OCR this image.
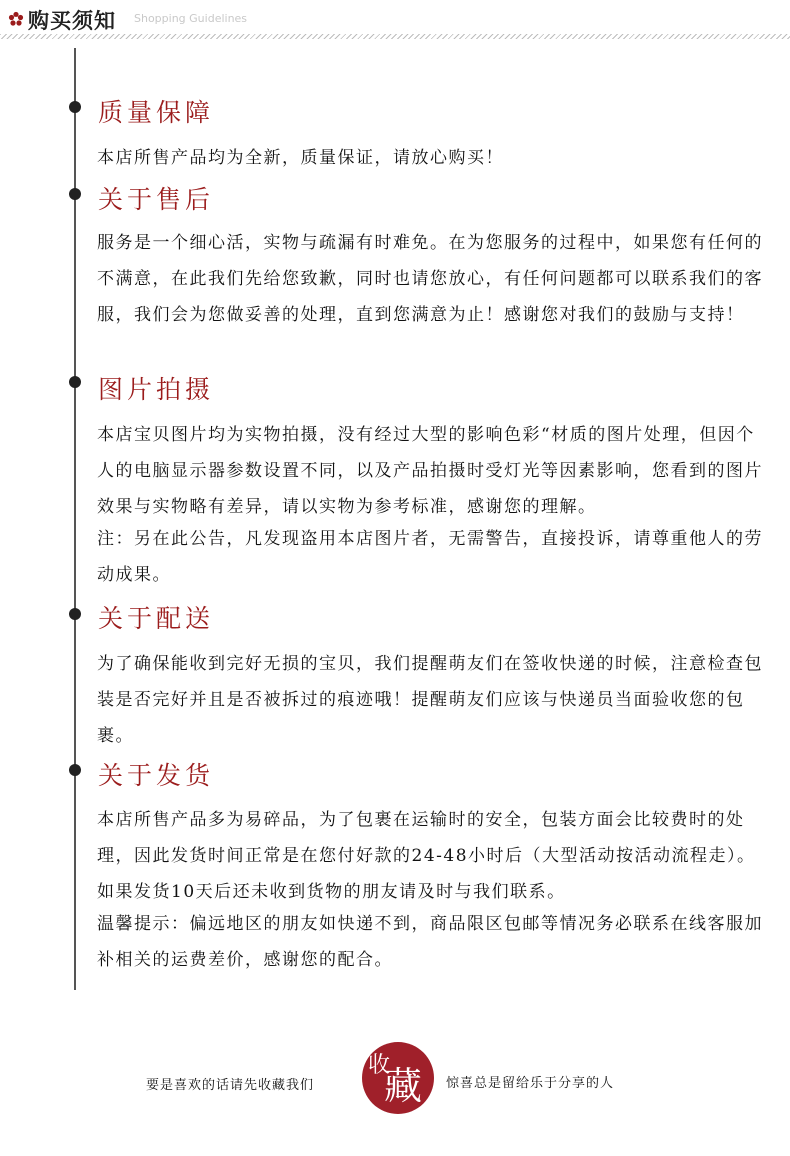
购买须知 Shopping Guidelines
质量保障
本店所售产品均为全新，质量保证，请放心购买！
关于售后
服务是一个细心活，实物与疏漏有时难免。在为您服务的过程中，如果您有任何的不满意，在此我们先给您致歉，同时也请您放心，有任何问题都可以联系我们的客服，我们会为您做妥善的处理，直到您满意为止！感谢您对我们的鼓励与支持！
图片拍摄
本店宝贝图片均为实物拍摄，没有经过大型的影响色彩“材质的图片处理，但因个人的电脑显示器参数设置不同，以及产品拍摄时受灯光等因素影响，您看到的图片效果与实物略有差异，请以实物为参考标准，感谢您的理解。
注：另在此公告，凡发现盗用本店图片者，无需警告，直接投诉，请尊重他人的劳动成果。
关于配送
为了确保能收到完好无损的宝贝，我们提醒萌友们在签收快递的时候，注意检查包装是否完好并且是否被拆过的痕迹哦！提醒萌友们应该与快递员当面验收您的包裹。
关于发货
本店所售产品多为易碎品，为了包裹在运输时的安全，包装方面会比较费时的处理，因此发货时间正常是在您付好款的24-48小时后（大型活动按活动流程走）。如果发货10天后还未收到货物的朋友请及时与我们联系。
温馨提示：偏远地区的朋友如快递不到，商品限区包邮等情况务必联系在线客服加补相关的运费差价，感谢您的配合。
要是喜欢的话请先收藏我们
收
藏 惊喜总是留给乐于分享的人
